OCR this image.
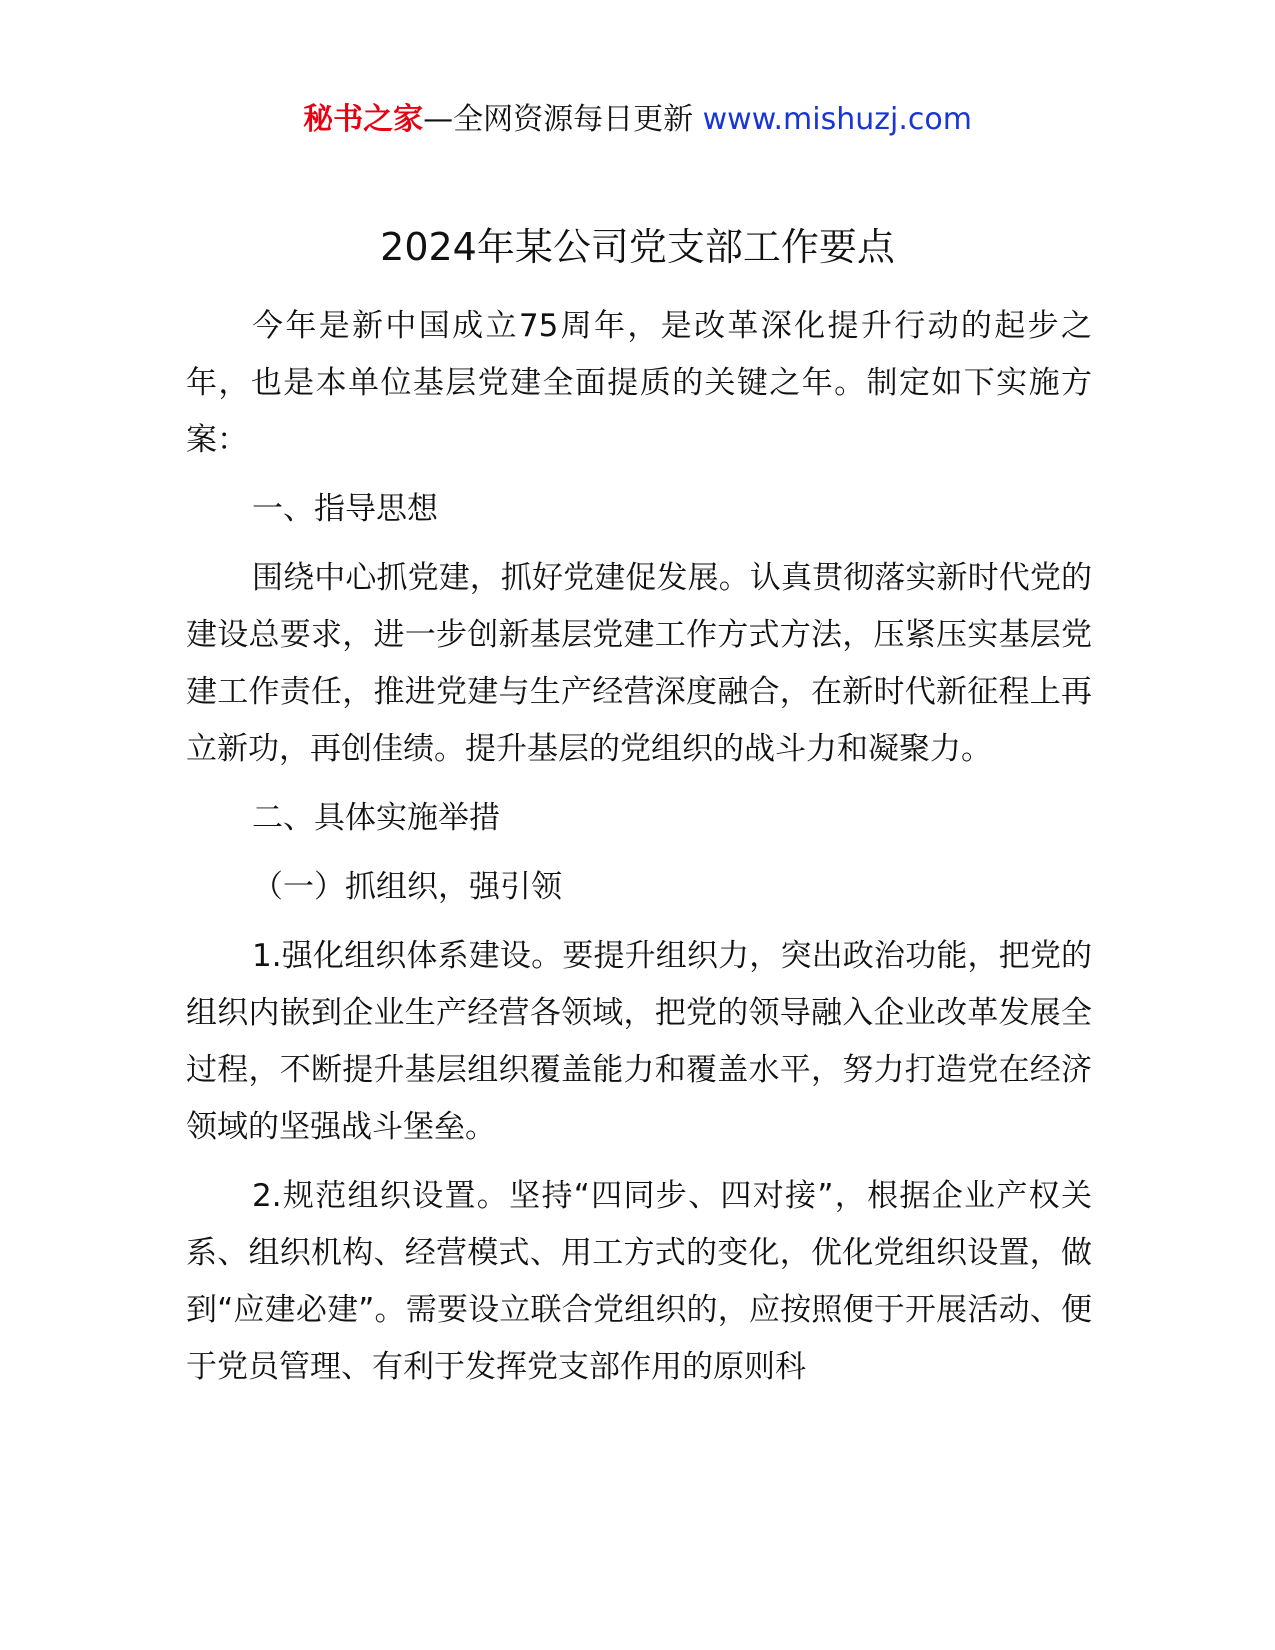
秘书之家—全网资源每日更新 www.mishuzj.com
2024年某公司党支部工作要点

今年是新中国成立75周年，是改革深化提升行动的起步之年，也是本单位基层党建全面提质的关键之年。制定如下实施方案：

一、指导思想

围绕中心抓党建，抓好党建促发展。认真贯彻落实新时代党的建设总要求，进一步创新基层党建工作方式方法，压紧压实基层党建工作责任，推进党建与生产经营深度融合，在新时代新征程上再立新功，再创佳绩。提升基层的党组织的战斗力和凝聚力。

二、具体实施举措

（一）抓组织，强引领

1.强化组织体系建设。要提升组织力，突出政治功能，把党的组织内嵌到企业生产经营各领域，把党的领导融入企业改革发展全过程，不断提升基层组织覆盖能力和覆盖水平，努力打造党在经济领域的坚强战斗堡垒。

2.规范组织设置。坚持“四同步、四对接”，根据企业产权关系、组织机构、经营模式、用工方式的变化，优化党组织设置，做到“应建必建”。需要设立联合党组织的，应按照便于开展活动、便于党员管理、有利于发挥党支部作用的原则科
